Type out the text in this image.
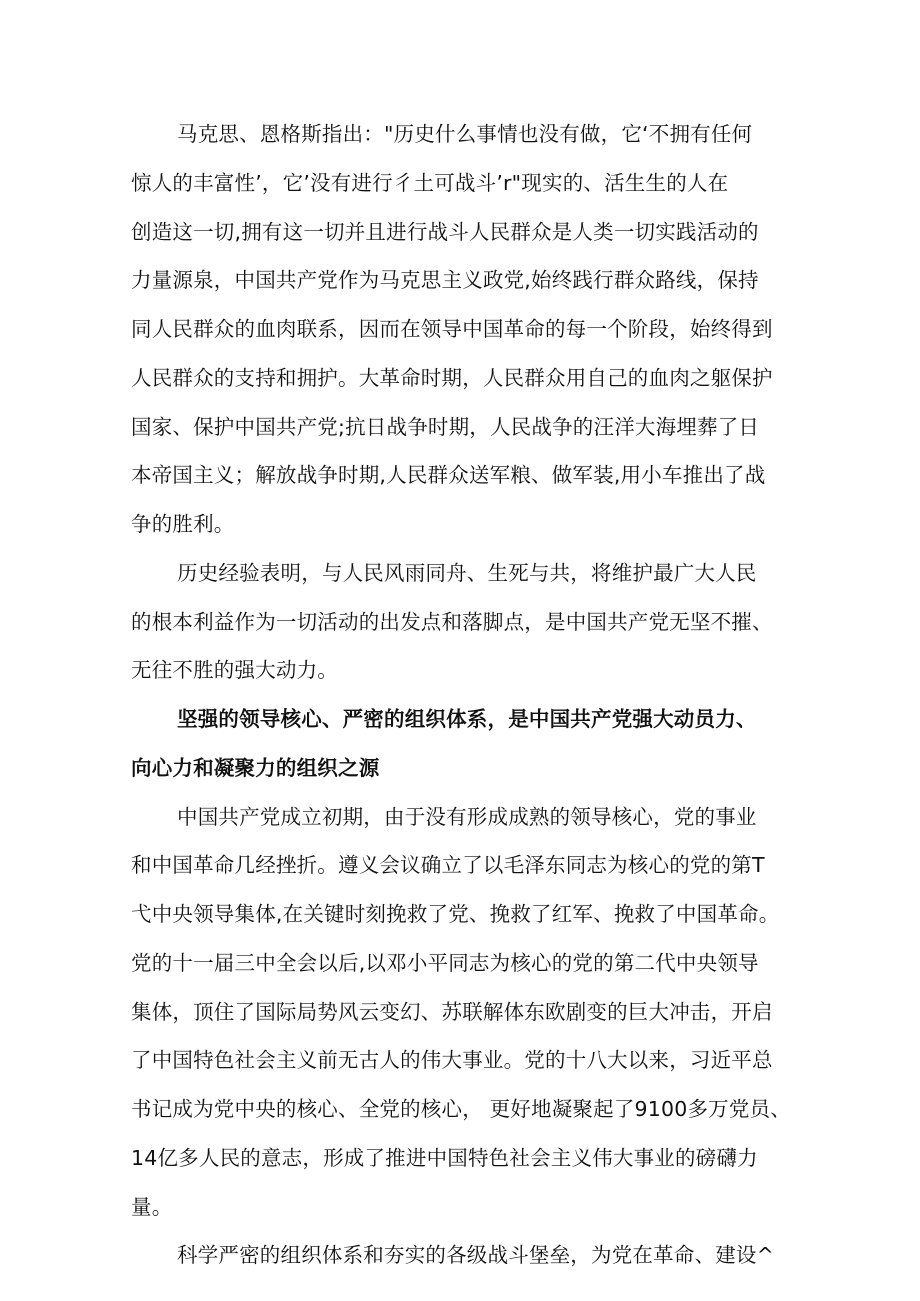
马克思、恩格斯指出："历史什么事情也没有做，它‘不拥有任何
惊人的丰富性’，它’没有进行彳土可战斗’r"现实的、活生生的人在
创造这一切,拥有这一切并且进行战斗人民群众是人类一切实践活动的
力量源泉，中国共产党作为马克思主义政党,始终践行群众路线，保持
同人民群众的血肉联系，因而在领导中国革命的每一个阶段，始终得到
人民群众的支持和拥护。大革命时期，人民群众用自己的血肉之躯保护
国家、保护中国共产党;抗日战争时期，人民战争的汪洋大海埋葬了日
本帝国主义；解放战争时期,人民群众送军粮、做军装,用小车推出了战
争的胜利。
历史经验表明，与人民风雨同舟、生死与共，将维护最广大人民
的根本利益作为一切活动的出发点和落脚点，是中国共产党无坚不摧、
无往不胜的强大动力。
坚强的领导核心、严密的组织体系，是中国共产党强大动员力、
向心力和凝聚力的组织之源
中国共产党成立初期，由于没有形成成熟的领导核心，党的事业
和中国革命几经挫折。遵义会议确立了以毛泽东同志为核心的党的第T
弋中央领导集体,在关键时刻挽救了党、挽救了红军、挽救了中国革命。
党的十一届三中全会以后,以邓小平同志为核心的党的第二代中央领导
集体，顶住了国际局势风云变幻、苏联解体东欧剧变的巨大冲击，开启
了中国特色社会主义前无古人的伟大事业。党的十八大以来，习近平总
书记成为党中央的核心、全党的核心， 更好地凝聚起了9100多万党员、
14亿多人民的意志，形成了推进中国特色社会主义伟大事业的磅礴力
量。
科学严密的组织体系和夯实的各级战斗堡垒，为党在革命、建设^
